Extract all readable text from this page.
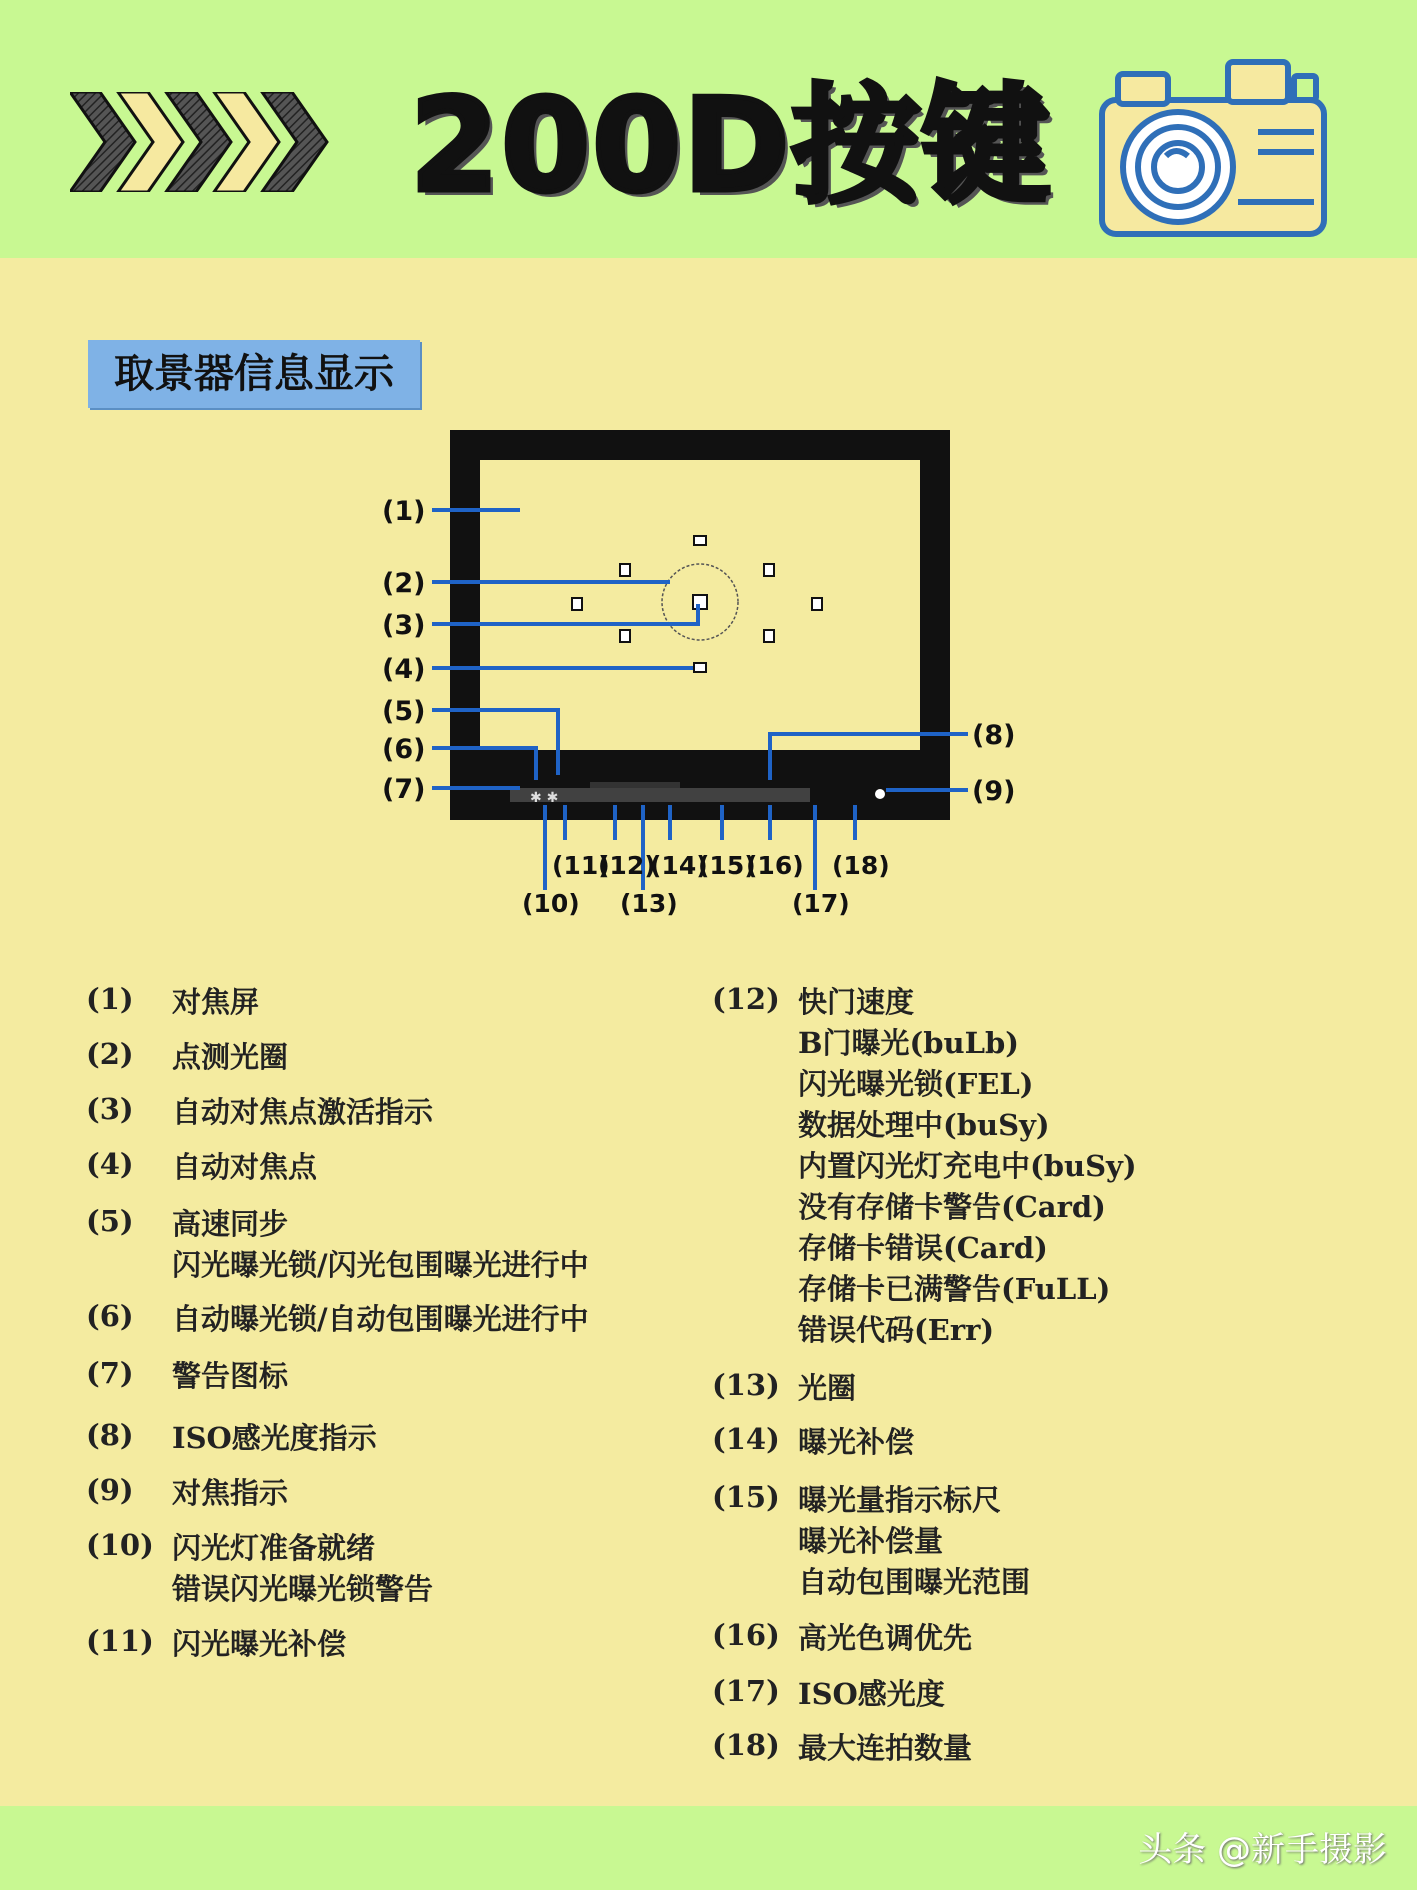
200D按键
取景器信息显示
✱ ✱
(1)
(2)
(3)
(4)
(5)
(6)
(7)
(8)
(9)
(11)
(12)
(14)
(15)
(16) (18)
(10) (13)	(17)
(1) 对焦屏
(2) 点测光圈
(3) 自动对焦点激活指示
(4) 自动对焦点
(5) 高速同步
闪光曝光锁/闪光包围曝光进行中
(6) 自动曝光锁/自动包围曝光进行中
(7) 警告图标
(8) ISO感光度指示
(9) 对焦指示
(10) 闪光灯准备就绪
错误闪光曝光锁警告
(11) 闪光曝光补偿
(12) 快门速度
B门曝光(buLb)
闪光曝光锁(FEL)
数据处理中(buSy)
内置闪光灯充电中(buSy)
没有存储卡警告(Card)
存储卡错误(Card)
存储卡已满警告(FuLL)
错误代码(Err)
(13) 光圈
(14) 曝光补偿
(15) 曝光量指示标尺
曝光补偿量
自动包围曝光范围
(16) 高光色调优先
(17) ISO感光度
(18) 最大连拍数量
头条 @新手摄影
